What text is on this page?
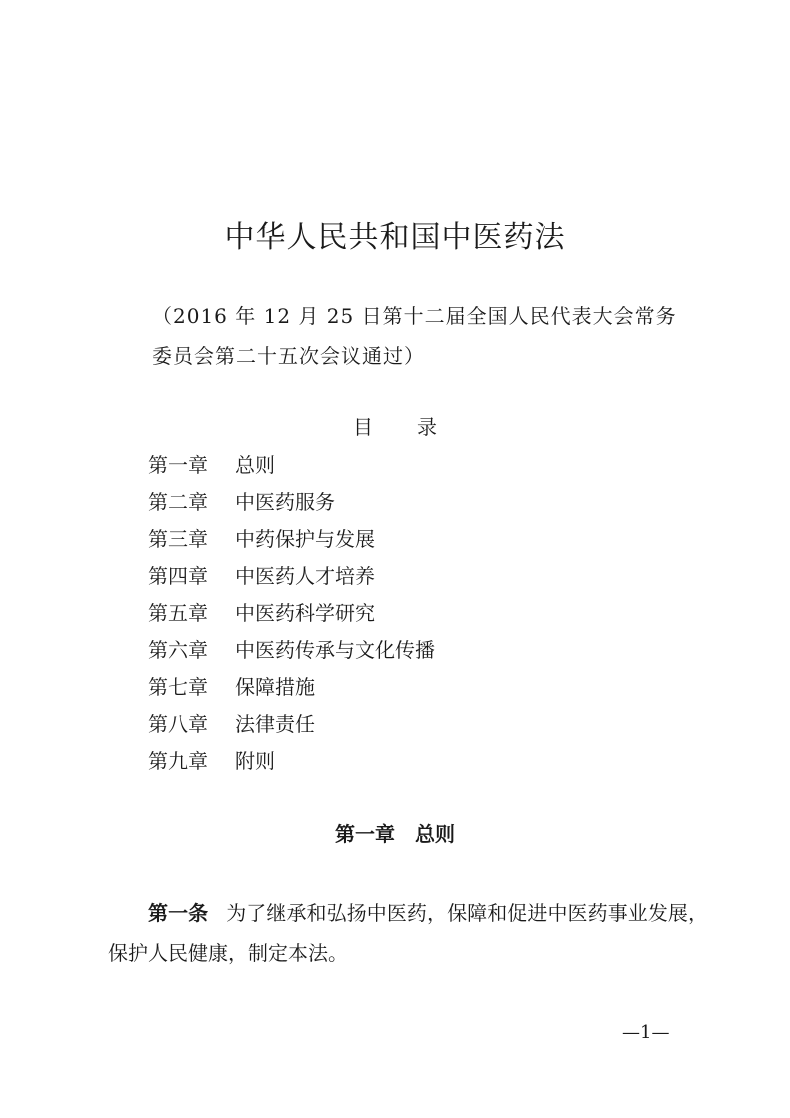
中华人民共和国中医药法

（2016 年 12 月 25 日第十二届全国人民代表大会常务

委员会第二十五次会议通过）

目 录
第一章 总则
第二章 中医药服务
第三章 中药保护与发展
第四章 中医药人才培养
第五章 中医药科学研究
第六章 中医药传承与文化传播
第七章 保障措施
第八章 法律责任
第九章 附则
第一章 总则

第一条 为了继承和弘扬中医药，保障和促进中医药事业发展，保护人民健康，制定本法。

—1—
